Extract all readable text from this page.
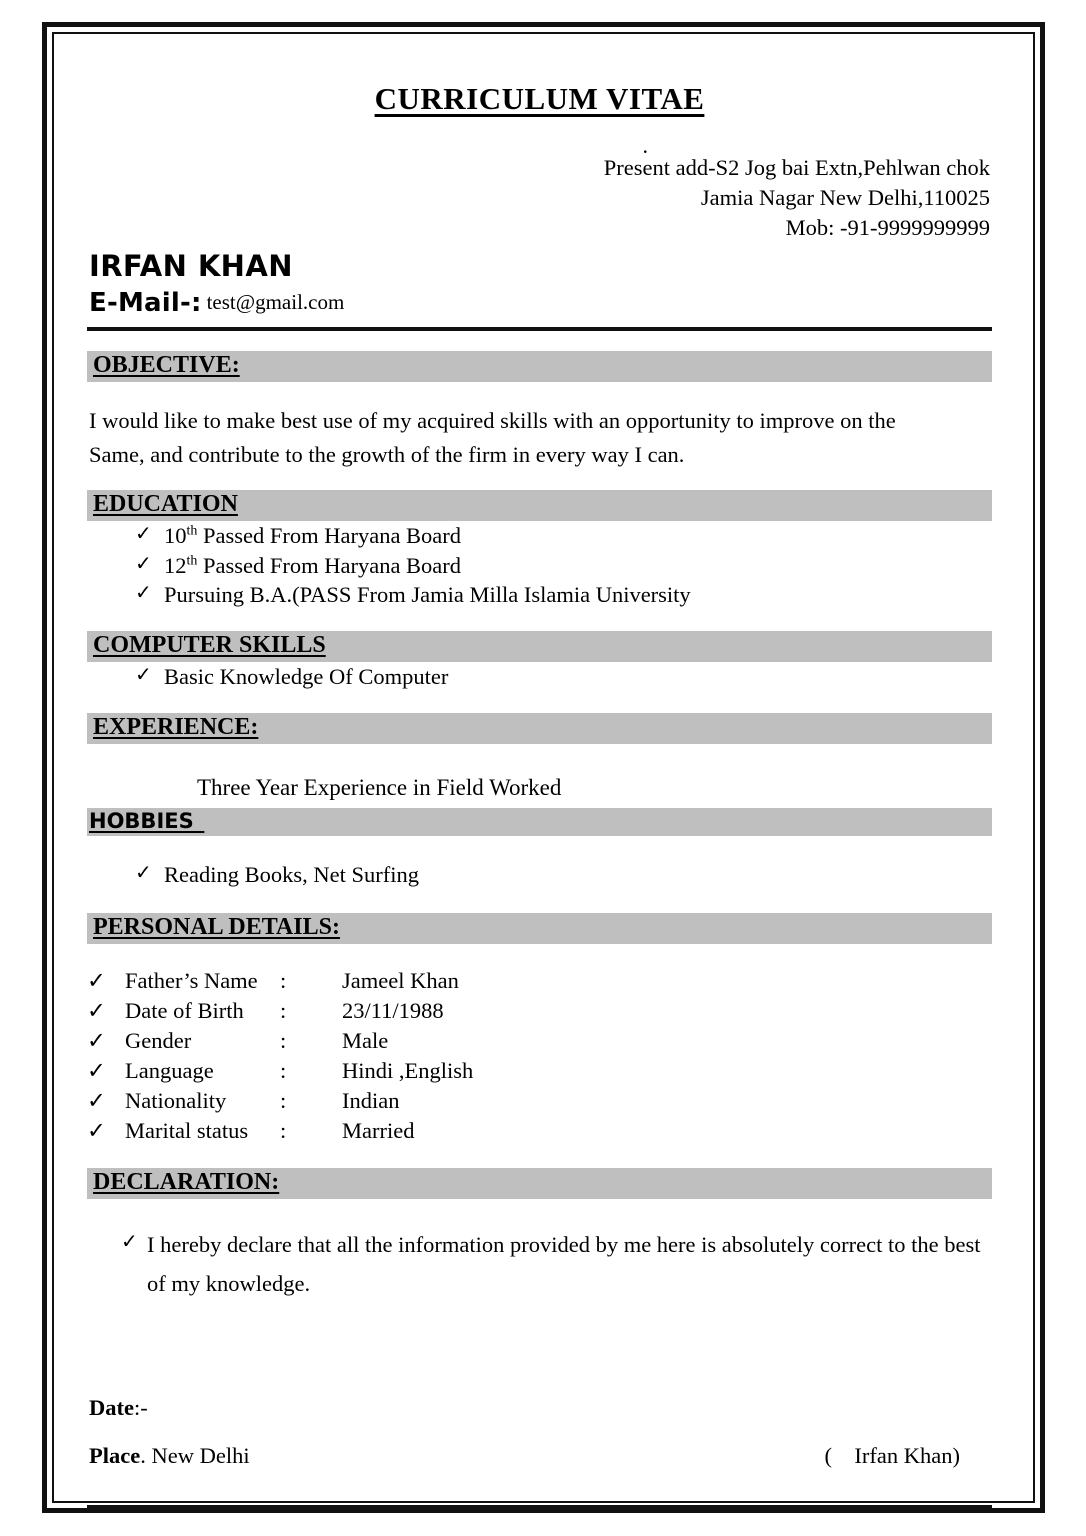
CURRICULUM VITAE
.
Present add-S2 Jog bai Extn,Pehlwan chok
Jamia Nagar New Delhi,110025
Mob: -91-9999999999
IRFAN KHAN
E-Mail-: test@gmail.com
OBJECTIVE:
I would like to make best use of my acquired skills with an opportunity to improve on the
Same, and contribute to the growth of the firm in every way I can.
EDUCATION
✓ 10th Passed From Haryana Board
✓ 12th Passed From Haryana Board
✓ Pursuing B.A.(PASS From Jamia Milla Islamia University
COMPUTER SKILLS
✓ Basic Knowledge Of Computer
EXPERIENCE:
Three Year Experience in Field Worked
HOBBIES_
✓ Reading Books, Net Surfing
PERSONAL DETAILS:
✓	Father’s Name	:	Jameel Khan
✓	Date of Birth	:	23/11/1988
✓	Gender	:	Male
✓	Language	:	Hindi ,English
✓	Nationality	:	Indian
✓	Marital status	:	Married
DECLARATION:
✓ I hereby declare that all the information provided by me here is absolutely correct to the best of my knowledge.
Date:-
Place. New Delhi	(    Irfan Khan)
